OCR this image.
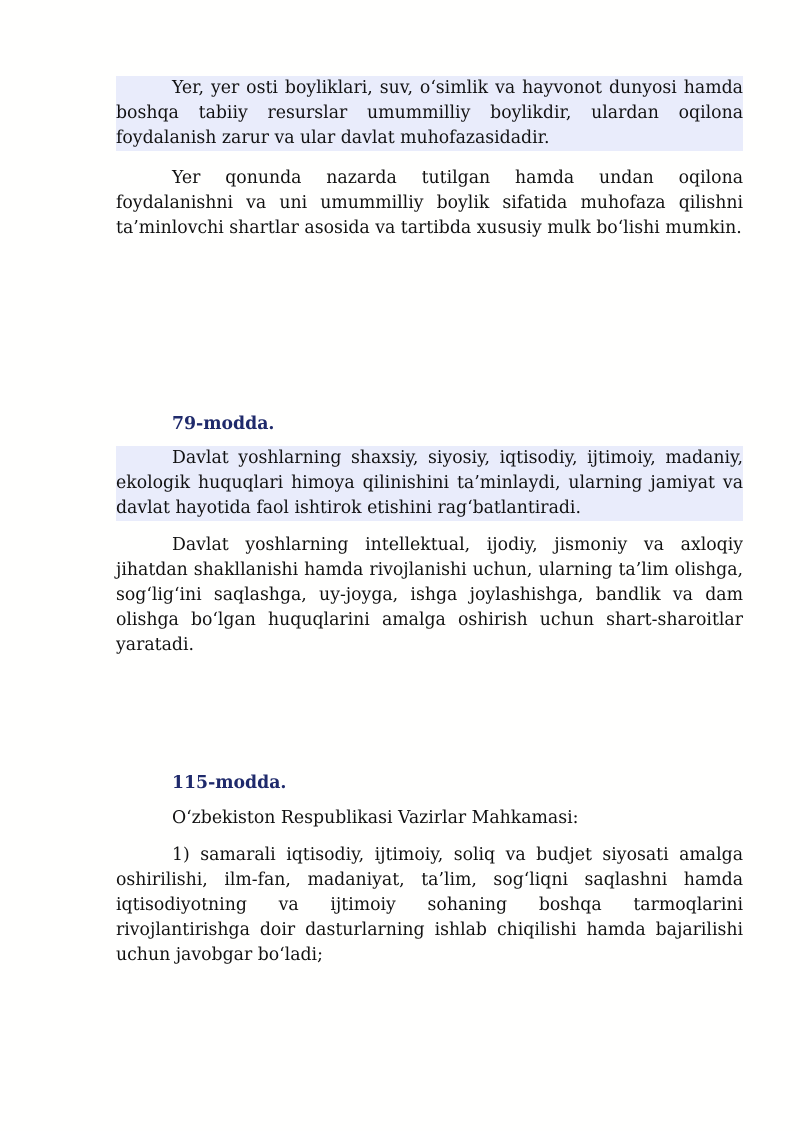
Yer, yer osti boyliklari, suv, o‘simlik va hayvonot dunyosi hamda boshqa tabiiy resurslar umummilliy boylikdir, ulardan oqilona foydalanish zarur va ular davlat muhofazasidadir.

Yer qonunda nazarda tutilgan hamda undan oqilona foydalanishni va uni umummilliy boylik sifatida muhofaza qilishni ta’minlovchi shartlar asosida va tartibda xususiy mulk bo‘lishi mumkin.

79-modda.

Davlat yoshlarning shaxsiy, siyosiy, iqtisodiy, ijtimoiy, madaniy, ekologik huquqlari himoya qilinishini ta’minlaydi, ularning jamiyat va davlat hayotida faol ishtirok etishini rag‘batlantiradi.

Davlat yoshlarning intellektual, ijodiy, jismoniy va axloqiy jihatdan shakllanishi hamda rivojlanishi uchun, ularning ta’lim olishga, sog‘lig‘ini saqlashga, uy-joyga, ishga joylashishga, bandlik va dam olishga bo‘lgan huquqlarini amalga oshirish uchun shart-sharoitlar yaratadi.

115-modda.

O‘zbekiston Respublikasi Vazirlar Mahkamasi:

1) samarali iqtisodiy, ijtimoiy, soliq va budjet siyosati amalga oshirilishi, ilm-fan, madaniyat, ta’lim, sog‘liqni saqlashni hamda iqtisodiyotning va ijtimoiy sohaning boshqa tarmoqlarini rivojlantirishga doir dasturlarning ishlab chiqilishi hamda bajarilishi uchun javobgar bo‘ladi;
